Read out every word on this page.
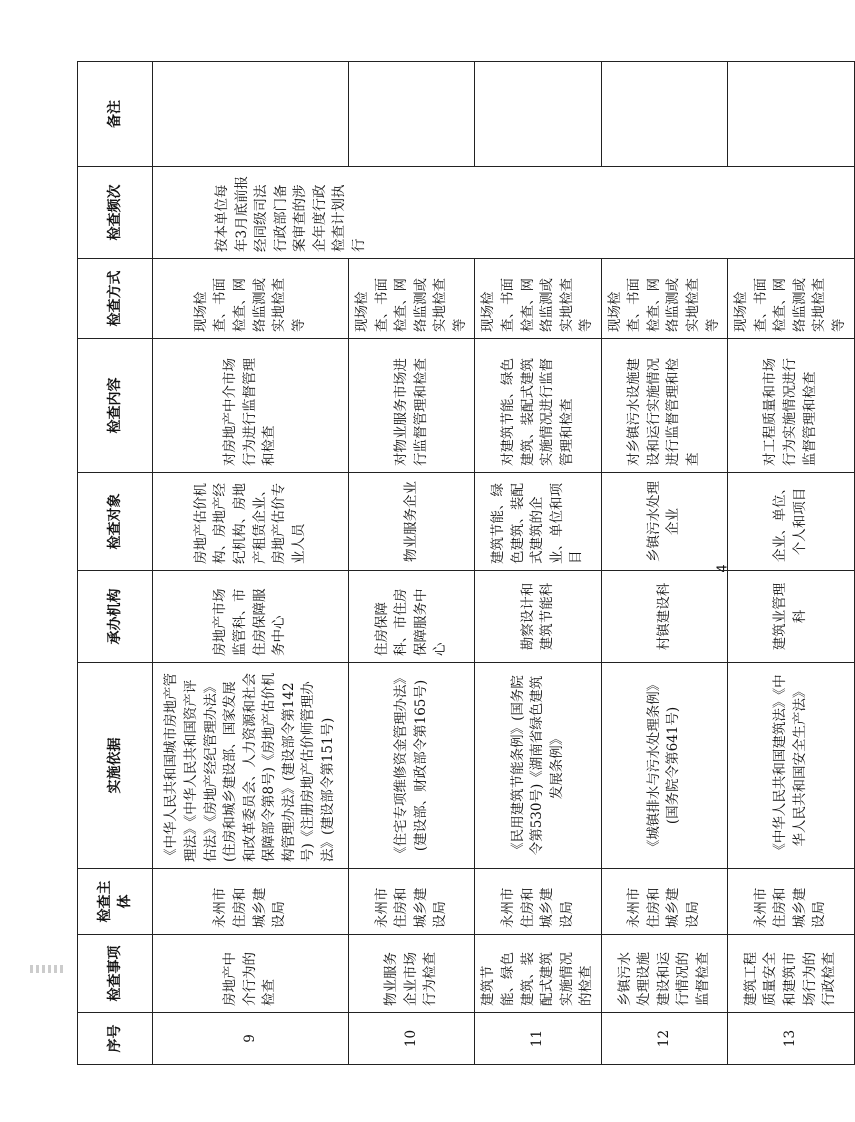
4
序号	检查事项	检查主体	实施依据	承办机构	检查对象	检查内容	检查方式	检查频次	备注
9	房地产中介行为的检查	永州市住房和城乡建设局	《中华人民共和国城市房地产管理法》《中华人民共和国资产评估法》《房地产经纪管理办法》(住房和城乡建设部、国家发展和改革委员会、人力资源和社会保障部令第8号)《房地产估价机构管理办法》(建设部令第142号)《注册房地产估价师管理办法》(建设部令第151号)	房地产市场监管科、市住房保障服务中心	房地产估价机构、房地产经纪机构、房地产租赁企业、房地产估价专业人员	对房地产中介市场行为进行监督管理和检查	现场检查、书面检查、网络监测或实地检查等	按本单位每年3月底前报经同级司法行政部门备案审查的涉企年度行政检查计划执行	
10	物业服务企业市场行为检查	永州市住房和城乡建设局	《住宅专项维修资金管理办法》(建设部、财政部令第165号)	住房保障科、市住房保障服务中心	物业服务企业	对物业服务市场进行监督管理和检查	现场检查、书面检查、网络监测或实地检查等		
11	建筑节能、绿色建筑、装配式建筑实施情况的检查	永州市住房和城乡建设局	《民用建筑节能条例》(国务院令第530号)《湖南省绿色建筑发展条例》	勘察设计和建筑节能科	建筑节能、绿色建筑、装配式建筑的企业、单位和项目	对建筑节能、绿色建筑、装配式建筑实施情况进行监督管理和检查	现场检查、书面检查、网络监测或实地检查等		
12	乡镇污水处理设施建设和运行情况的监督检查	永州市住房和城乡建设局	《城镇排水与污水处理条例》(国务院令第641号)	村镇建设科	乡镇污水处理企业	对乡镇污水设施建设和运行实施情况进行监督管理和检查	现场检查、书面检查、网络监测或实地检查等		
13	建筑工程质量安全和建筑市场行为的行政检查	永州市住房和城乡建设局	《中华人民共和国建筑法》《中华人民共和国安全生产法》	建筑业管理科	企业、单位、个人和项目	对工程质量和市场行为实施情况进行监督管理和检查	现场检查、书面检查、网络监测或实地检查等		
